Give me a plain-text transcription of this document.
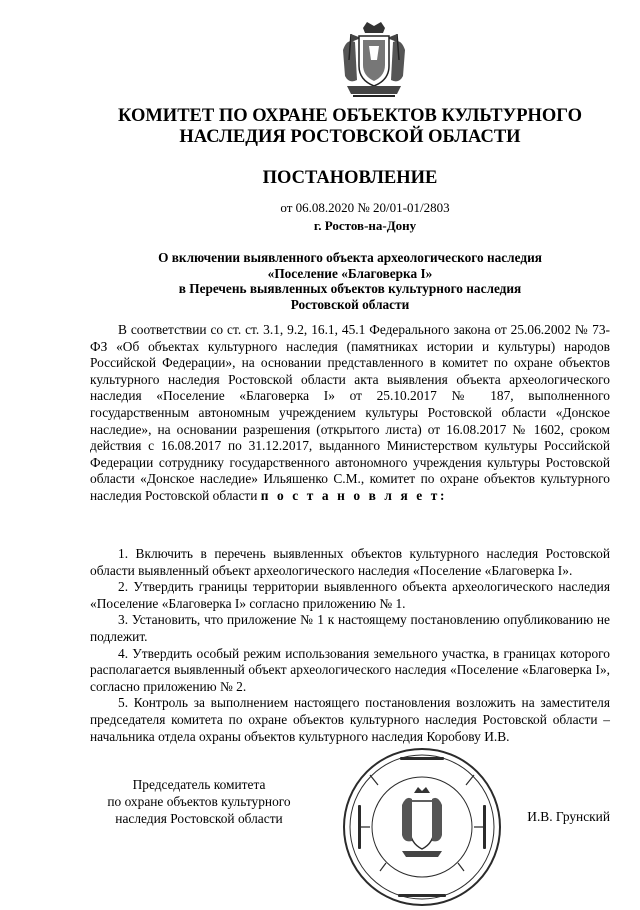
КОМИТЕТ ПО ОХРАНЕ ОБЪЕКТОВ КУЛЬТУРНОГО
НАСЛЕДИЯ РОСТОВСКОЙ ОБЛАСТИ
ПОСТАНОВЛЕНИЕ
от 06.08.2020 № 20/01-01/2803
г. Ростов-на-Дону
О включении выявленного объекта археологического наследия
«Поселение «Благоверка I»
в Перечень выявленных объектов культурного наследия
Ростовской области
В соответствии со ст. ст. 3.1, 9.2, 16.1, 45.1 Федерального закона от 25.06.2002 № 73-ФЗ «Об объектах культурного наследия (памятниках истории и культуры) народов Российской Федерации», на основании представленного в комитет по охране объектов культурного наследия Ростовской области акта выявления объекта археологического наследия «Поселение «Благоверка I» от 25.10.2017 № 187, выполненного государственным автономным учреждением культуры Ростовской области «Донское наследие», на основании разрешения (открытого листа) от 16.08.2017 № 1602, сроком действия с 16.08.2017 по 31.12.2017, выданного Министерством культуры Российской Федерации сотруднику государственного автономного учреждения культуры Ростовской области «Донское наследие» Ильяшенко С.М., комитет по охране объектов культурного наследия Ростовской области п о с т а н о в л я е т:

1. Включить в перечень выявленных объектов культурного наследия Ростовской области выявленный объект археологического наследия «Поселение «Благоверка I».

2. Утвердить границы территории выявленного объекта археологического наследия «Поселение «Благоверка I» согласно приложению № 1.

3. Установить, что приложение № 1 к настоящему постановлению опубликованию не подлежит.

4. Утвердить особый режим использования земельного участка, в границах которого располагается выявленный объект археологического наследия «Поселение «Благоверка I», согласно приложению № 2.

5. Контроль за выполнением настоящего постановления возложить на заместителя председателя комитета по охране объектов культурного наследия Ростовской области – начальника отдела охраны объектов культурного наследия Коробову И.В.

Председатель комитета
по охране объектов культурного
наследия Ростовской области	И.В. Грунский
